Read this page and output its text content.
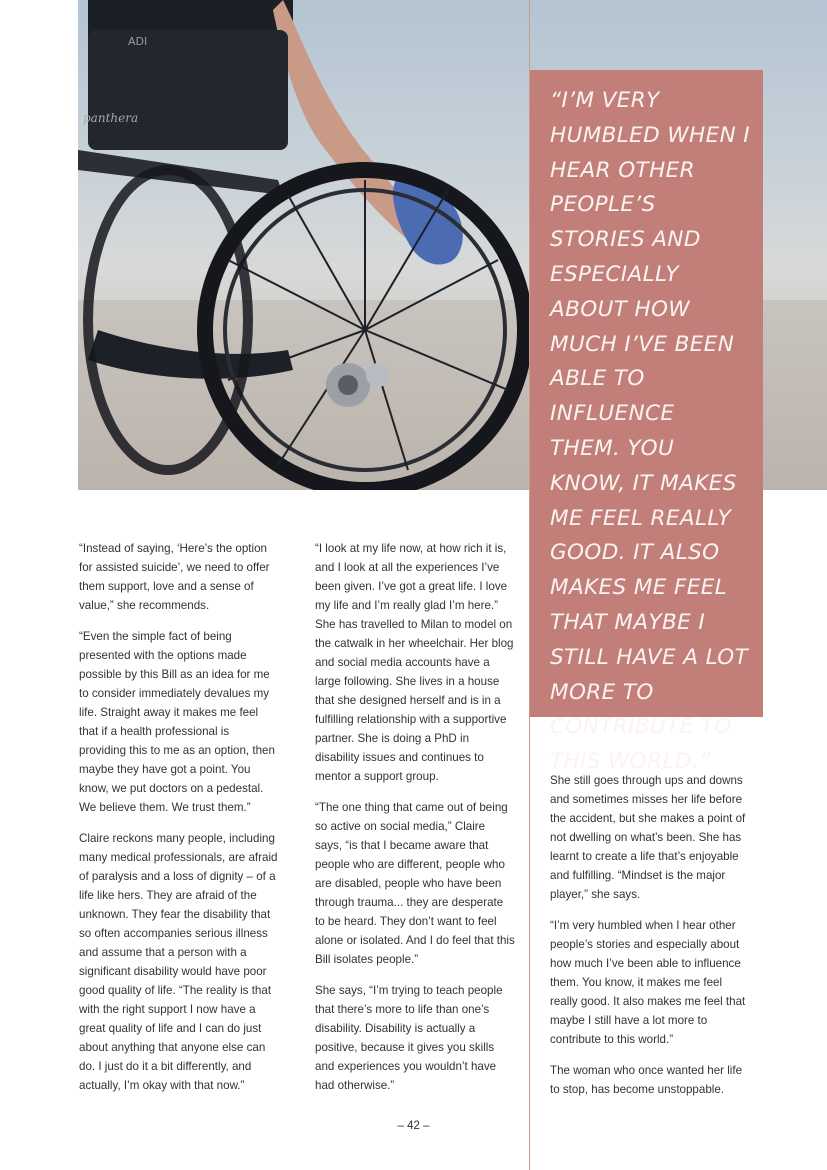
ADI
panthera

“I’M VERY HUMBLED WHEN I HEAR OTHER PEOPLE’S STORIES AND ESPECIALLY ABOUT HOW MUCH I’VE BEEN ABLE TO INFLUENCE THEM. YOU KNOW, IT MAKES ME FEEL REALLY GOOD. IT ALSO MAKES ME FEEL THAT MAYBE I STILL HAVE A LOT MORE TO CONTRIBUTE TO THIS WORLD.”

“Instead of saying, ‘Here’s the option for assisted suicide’, we need to offer them support, love and a sense of value,” she recommends.

“Even the simple fact of being presented with the options made possible by this Bill as an idea for me to consider immediately devalues my life. Straight away it makes me feel that if a health professional is providing this to me as an option, then maybe they have got a point. You know, we put doctors on a pedestal. We believe them. We trust them.”

Claire reckons many people, including many medical professionals, are afraid of paralysis and a loss of dignity – of a life like hers. They are afraid of the unknown. They fear the disability that so often accompanies serious illness and assume that a person with a significant disability would have poor good quality of life. “The reality is that with the right support I now have a great quality of life and I can do just about anything that anyone else can do. I just do it a bit differently, and actually, I’m okay with that now.”

“I look at my life now, at how rich it is, and I look at all the experiences I’ve been given. I’ve got a great life. I love my life and I’m really glad I’m here.” She has travelled to Milan to model on the catwalk in her wheelchair. Her blog and social media accounts have a large following. She lives in a house that she designed herself and is in a fulfilling relationship with a supportive partner. She is doing a PhD in disability issues and continues to mentor a support group.

“The one thing that came out of being so active on social media,” Claire says, “is that I became aware that people who are different, people who are disabled, people who have been through trauma... they are desperate to be heard. They don’t want to feel alone or isolated. And I do feel that this Bill isolates people.”

She says, “I’m trying to teach people that there’s more to life than one’s disability. Disability is actually a positive, because it gives you skills and experiences you wouldn’t have had otherwise.”

She still goes through ups and downs and sometimes misses her life before the accident, but she makes a point of not dwelling on what’s been. She has learnt to create a life that’s enjoyable and fulfilling. “Mindset is the major player,” she says.

“I’m very humbled when I hear other people’s stories and especially about how much I’ve been able to influence them. You know, it makes me feel really good. It also makes me feel that maybe I still have a lot more to contribute to this world.”

The woman who once wanted her life to stop, has become unstoppable.

– 42 –
